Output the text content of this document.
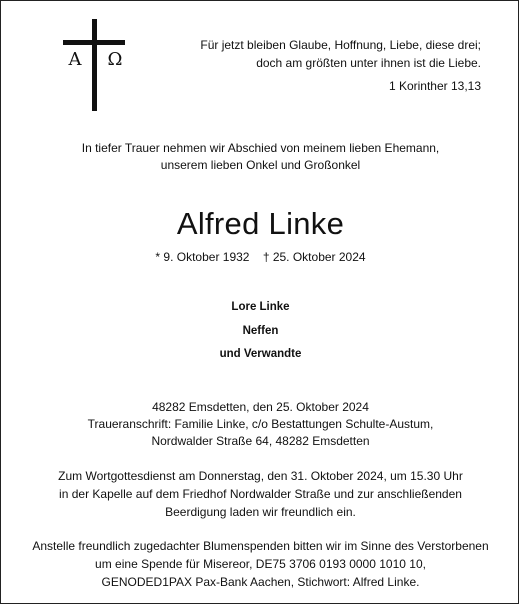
A Ω
Für jetzt bleiben Glaube, Hoffnung, Liebe, diese drei;
doch am größten unter ihnen ist die Liebe.
1 Korinther 13,13
In tiefer Trauer nehmen wir Abschied von meinem lieben Ehemann,
unserem lieben Onkel und Großonkel
Alfred Linke
* 9. Oktober 1932 † 25. Oktober 2024
Lore Linke
Neffen
und Verwandte
48282 Emsdetten, den 25. Oktober 2024
Traueranschrift: Familie Linke, c/o Bestattungen Schulte-Austum,
Nordwalder Straße 64, 48282 Emsdetten
Zum Wortgottesdienst am Donnerstag, den 31. Oktober 2024, um 15.30 Uhr
in der Kapelle auf dem Friedhof Nordwalder Straße und zur anschließenden
Beerdigung laden wir freundlich ein.
Anstelle freundlich zugedachter Blumenspenden bitten wir im Sinne des Verstorbenen
um eine Spende für Misereor, DE75 3706 0193 0000 1010 10,
GENODED1PAX Pax-Bank Aachen, Stichwort: Alfred Linke.
